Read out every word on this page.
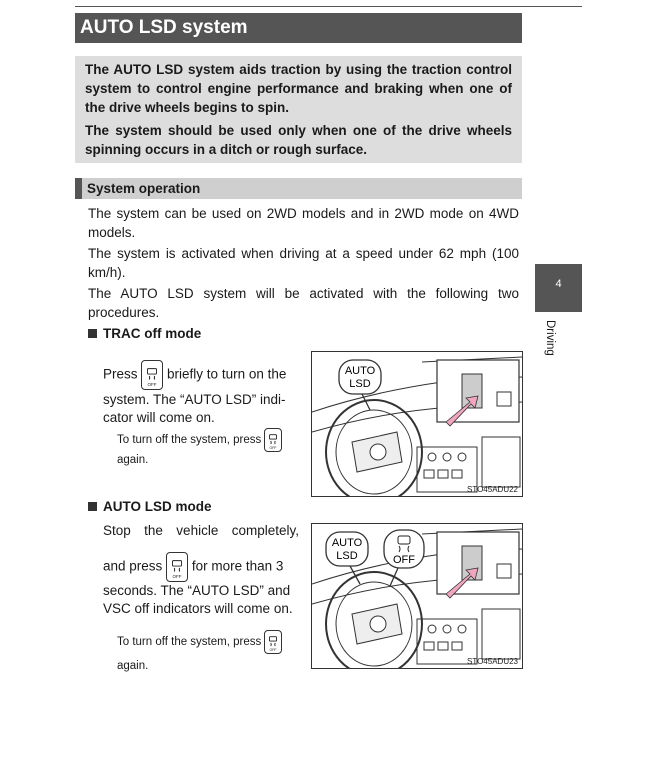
AUTO LSD system

The AUTO LSD system aids traction by using the traction control system to control engine performance and braking when one of the drive wheels begins to spin.

The system should be used only when one of the drive wheels spinning occurs in a ditch or rough surface.

System operation

The system can be used on 2WD models and in 2WD mode on 4WD models.

The system is activated when driving at a speed under 62 mph (100 km/h).

The AUTO LSD system will be activated with the following two procedures.

4
Driving
TRAC off mode
Press
OFF
briefly to turn on the

system. The “AUTO LSD” indi-

cator will come on.

To turn off the system, press
OFF
again.
AUTO
LSD
STO45ADU22
AUTO LSD mode

Stop the vehicle completely,

and press
OFF
for more than 3

seconds. The “AUTO LSD” and

VSC off indicators will come on.

To turn off the system, press
OFF
again.
AUTO
LSD	OFF
STO45ADU23
